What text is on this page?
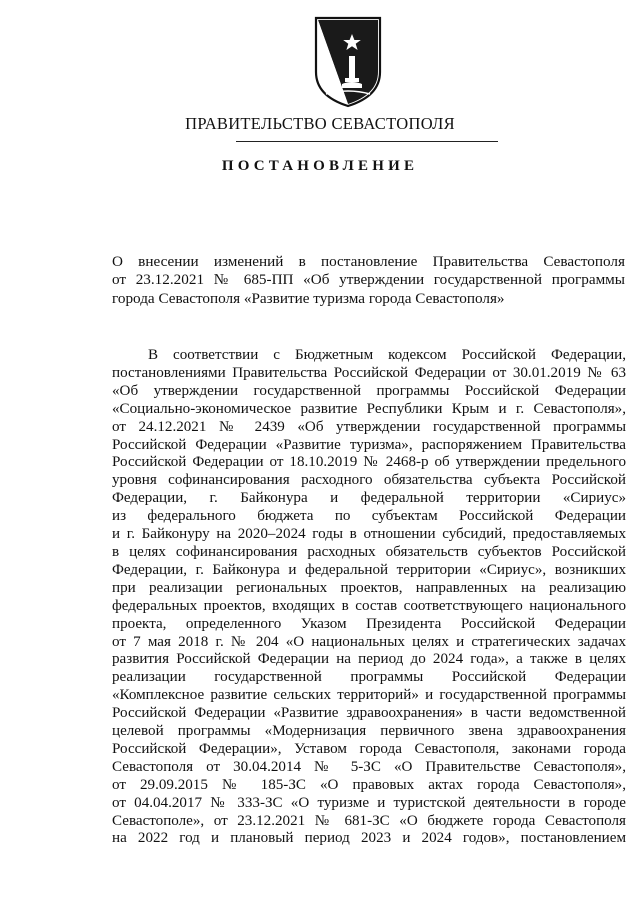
ПРАВИТЕЛЬСТВО СЕВАСТОПОЛЯ
ПОСТАНОВЛЕНИЕ
О внесении изменений в постановление Правительства Севастополя
от 23.12.2021 № 685-ПП «Об утверждении государственной программы
города Севастополя «Развитие туризма города Севастополя»
В соответствии с Бюджетным кодексом Российской Федерации,
постановлениями Правительства Российской Федерации от 30.01.2019 № 63
«Об утверждении государственной программы Российской Федерации
«Социально-экономическое развитие Республики Крым и г. Севастополя»,
от 24.12.2021 № 2439 «Об утверждении государственной программы
Российской Федерации «Развитие туризма», распоряжением Правительства
Российской Федерации от 18.10.2019 № 2468-р об утверждении предельного
уровня софинансирования расходного обязательства субъекта Российской
Федерации, г. Байконура и федеральной территории «Сириус»
из федерального бюджета по субъектам Российской Федерации
и г. Байконуру на 2020–2024 годы в отношении субсидий, предоставляемых
в целях софинансирования расходных обязательств субъектов Российской
Федерации, г. Байконура и федеральной территории «Сириус», возникших
при реализации региональных проектов, направленных на реализацию
федеральных проектов, входящих в состав соответствующего национального
проекта, определенного Указом Президента Российской Федерации
от 7 мая 2018 г. № 204 «О национальных целях и стратегических задачах
развития Российской Федерации на период до 2024 года», а также в целях
реализации государственной программы Российской Федерации
«Комплексное развитие сельских территорий» и государственной программы
Российской Федерации «Развитие здравоохранения» в части ведомственной
целевой программы «Модернизация первичного звена здравоохранения
Российской Федерации», Уставом города Севастополя, законами города
Севастополя от 30.04.2014 № 5-ЗС «О Правительстве Севастополя»,
от 29.09.2015 № 185-ЗС «О правовых актах города Севастополя»,
от 04.04.2017 № 333-ЗС «О туризме и туристской деятельности в городе
Севастополе», от 23.12.2021 № 681-ЗС «О бюджете города Севастополя
на 2022 год и плановый период 2023 и 2024 годов», постановлением
